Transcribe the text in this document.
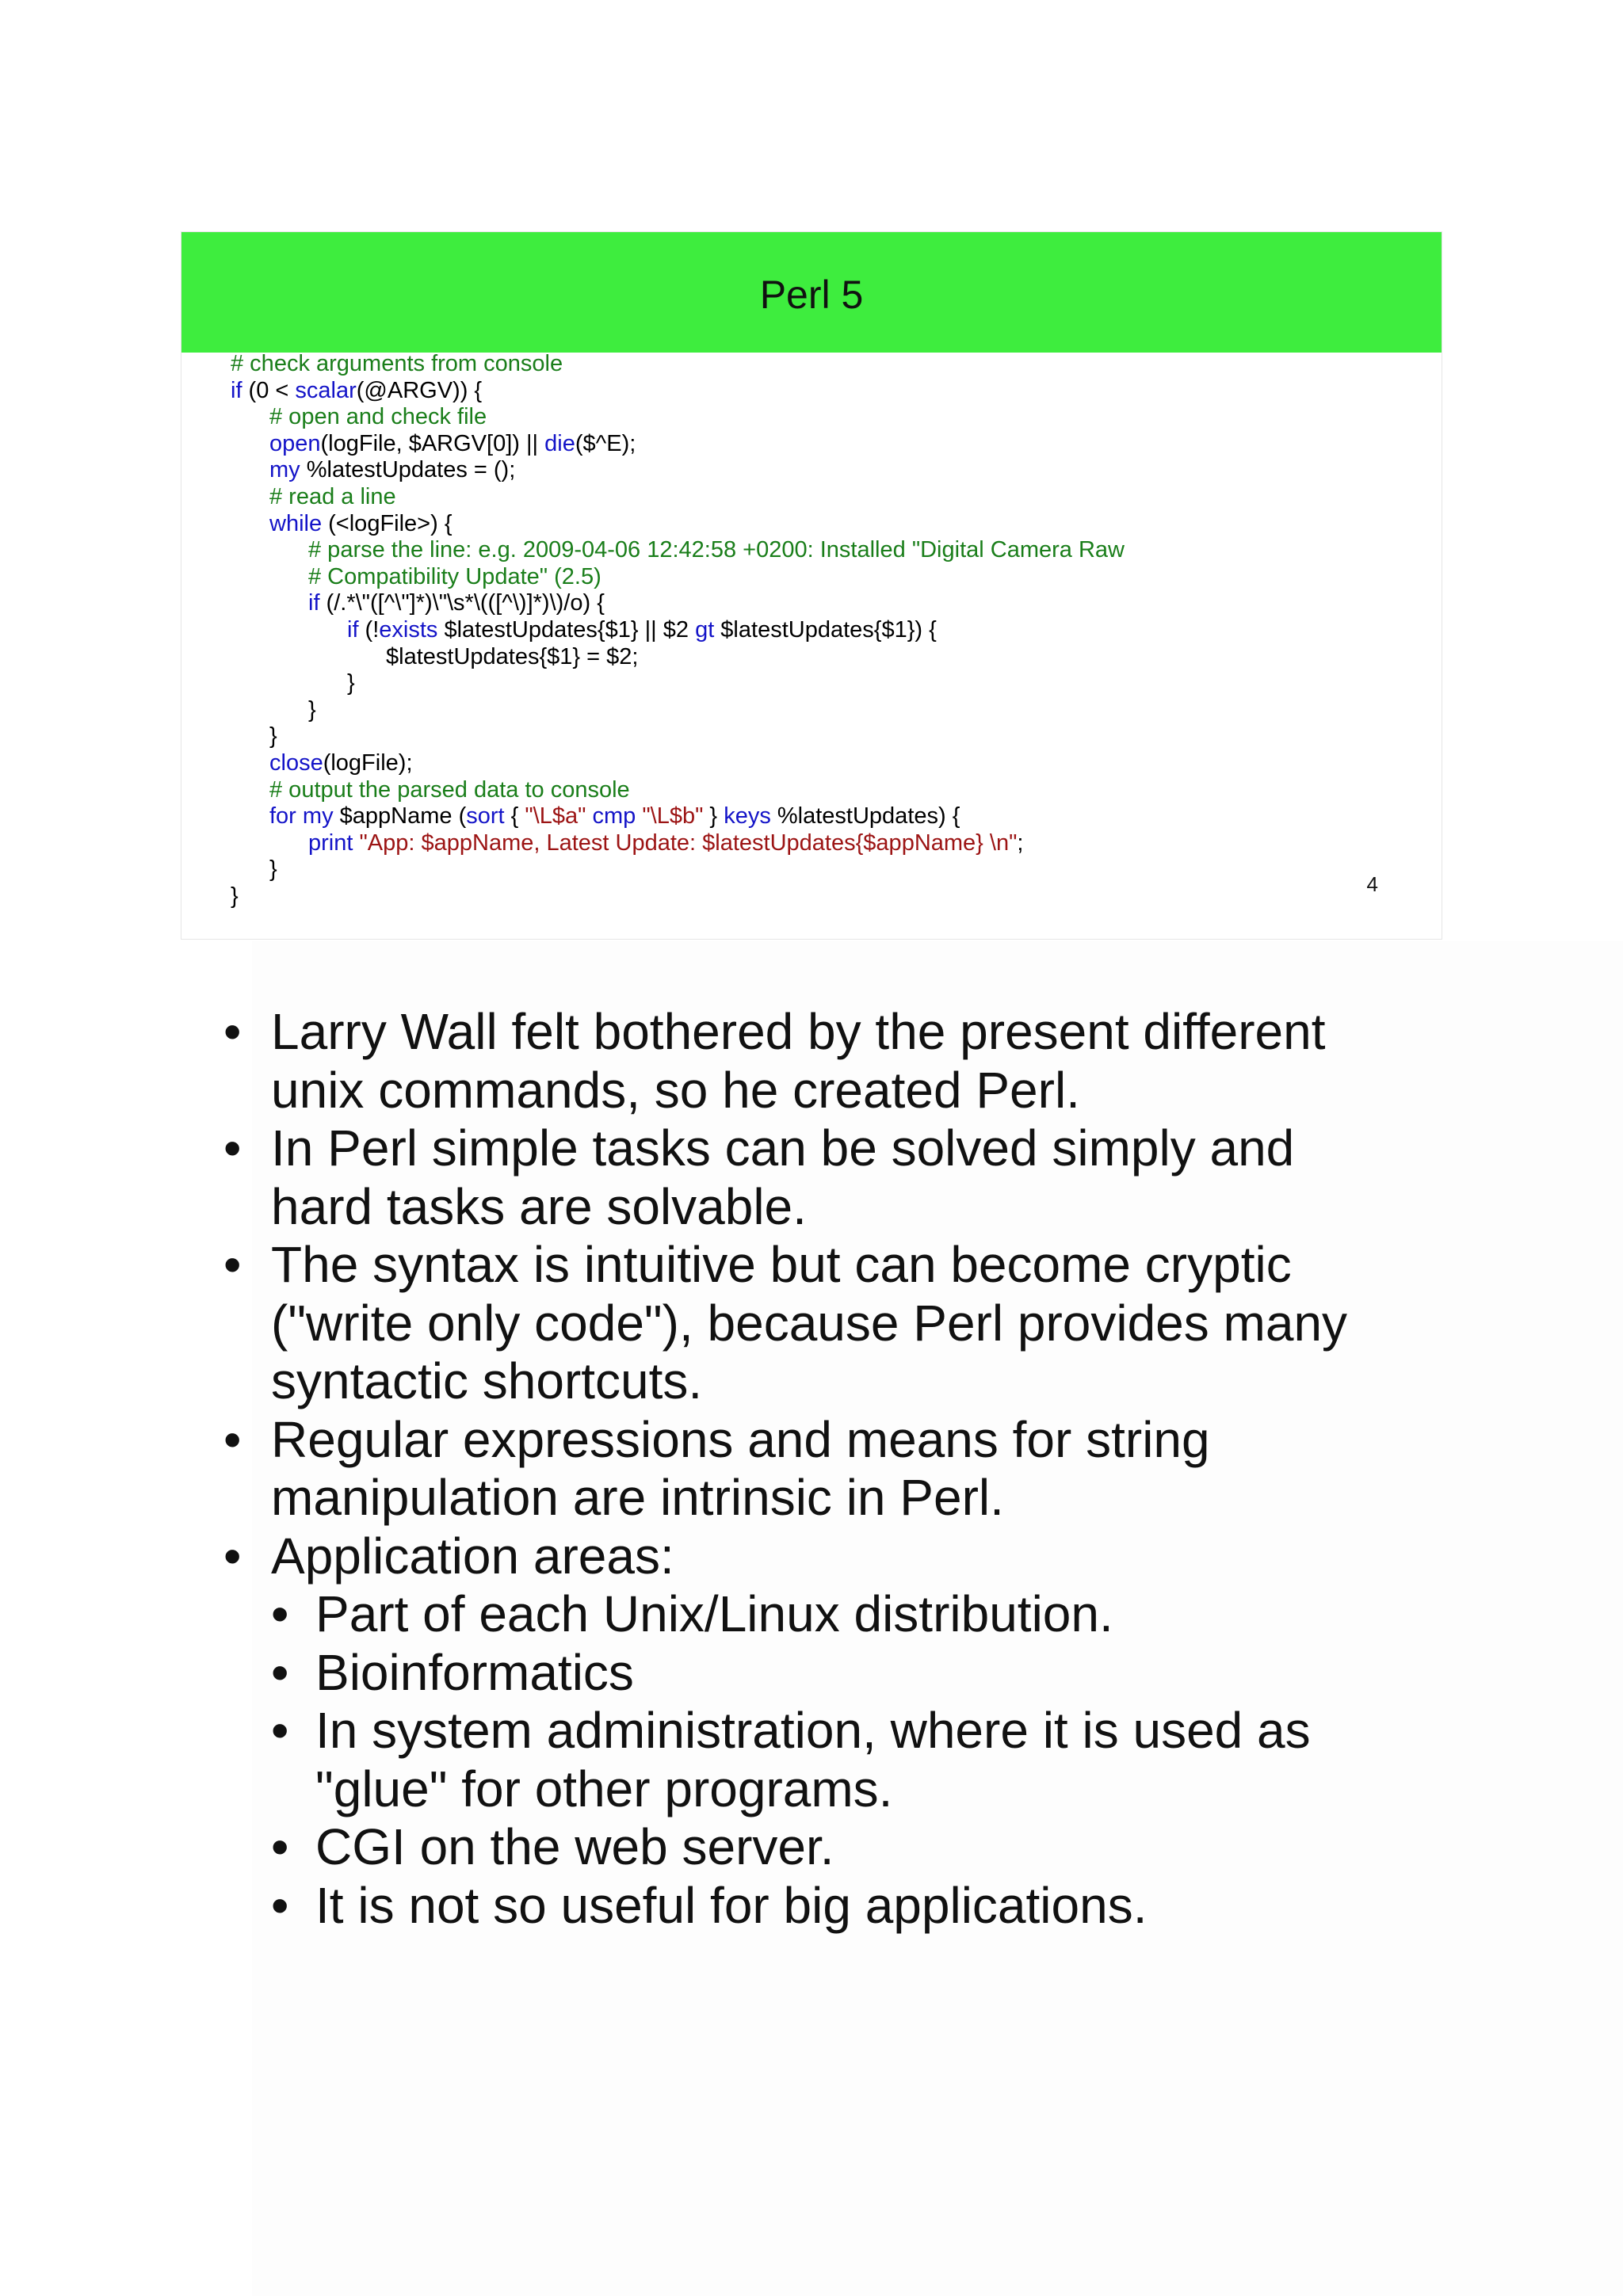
Perl 5
# check arguments from console
if (0 < scalar(@ARGV)) {
# open and check file
open(logFile, $ARGV[0]) || die($^E);
my %latestUpdates = ();
# read a line
while (<logFile>) {
# parse the line: e.g. 2009-04-06 12:42:58 +0200: Installed "Digital Camera Raw
# Compatibility Update" (2.5)
if (/.*\"([^\"]*)\"\s*\(([^\)]*)\)/o) {
if (!exists $latestUpdates{$1} || $2 gt $latestUpdates{$1}) {
$latestUpdates{$1} = $2;
}
}
}
close(logFile);
# output the parsed data to console
for my $appName (sort { "\L$a" cmp "\L$b" } keys %latestUpdates) {
print "App: $appName, Latest Update: $latestUpdates{$appName} \n";
}
}	4
• Larry Wall felt bothered by the present different
unix commands, so he created Perl.
• In Perl simple tasks can be solved simply and
hard tasks are solvable.
• The syntax is intuitive but can become cryptic
("write only code"), because Perl provides many
syntactic shortcuts.
• Regular expressions and means for string
manipulation are intrinsic in Perl.
• Application areas:
• Part of each Unix/Linux distribution.
• Bioinformatics
• In system administration, where it is used as
"glue" for other programs.
• CGI on the web server.
• It is not so useful for big applications.
